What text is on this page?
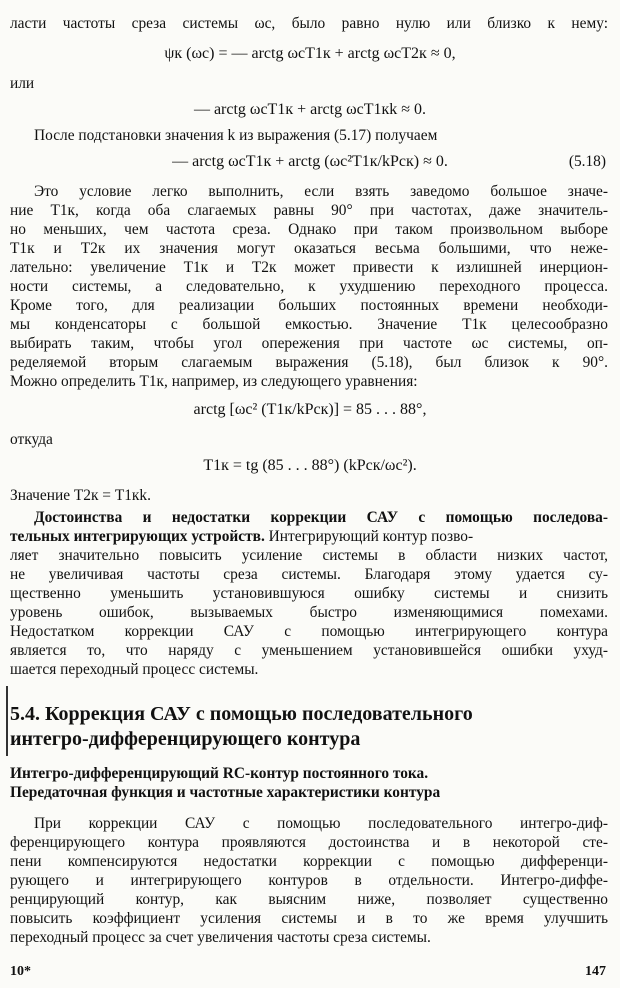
ласти частоты среза системы ωс, было равно нулю или близко к нему:
ψк (ωс) = — arctg ωсT1к + arctg ωсT2к ≈ 0,
или
— arctg ωcT1к + arctg ωcT1кk ≈ 0.
После подстановки значения k из выражения (5.17) получаем
— arctg ωcT1к + arctg (ωc²T1к/kPск) ≈ 0.	(5.18)
Это условие легко выполнить, если взять заведомо большое значе-
ние T1к, когда оба слагаемых равны 90° при частотах, даже значитель-
но меньших, чем частота среза. Однако при таком произвольном выборе
T1к и T2к их значения могут оказаться весьма большими, что неже-
лательно: увеличение T1к и T2к может привести к излишней инерцион-
ности системы, а следовательно, к ухудшению переходного процесса.
Кроме того, для реализации больших постоянных времени необходи-
мы конденсаторы с большой емкостью. Значение T1к целесообразно
выбирать таким, чтобы угол опережения при частоте ωс системы, оп-
ределяемой вторым слагаемым выражения (5.18), был близок к 90°.
Можно определить T1к, например, из следующего уравнения:
arctg [ωc² (T1к/kPск)] = 85 . . . 88°,
откуда
T1к = tg (85 . . . 88°) (kPск/ωc²).
Значение T2к = T1кk.
Достоинства и недостатки коррекции САУ с помощью последова-
тельных интегрирующих устройств. Интегрирующий контур позво-
ляет значительно повысить усиление системы в области низких частот,
не увеличивая частоты среза системы. Благодаря этому удается су-
щественно уменьшить установившуюся ошибку системы и снизить
уровень ошибок, вызываемых быстро изменяющимися помехами.
Недостатком коррекции САУ с помощью интегрирующего контура
является то, что наряду с уменьшением установившейся ошибки ухуд-
шается переходный процесс системы.
5.4. Коррекция САУ с помощью последовательного
интегро-дифференцирующего контура
Интегро-дифференцирующий RC-контур постоянного тока.
Передаточная функция и частотные характеристики контура
При коррекции САУ с помощью последовательного интегро-диф-
ференцирующего контура проявляются достоинства и в некоторой сте-
пени компенсируются недостатки коррекции с помощью дифференци-
рующего и интегрирующего контуров в отдельности. Интегро-диффе-
ренцирующий контур, как выясним ниже, позволяет существенно
повысить коэффициент усиления системы и в то же время улучшить
переходный процесс за счет увеличения частоты среза системы.
10*	147
